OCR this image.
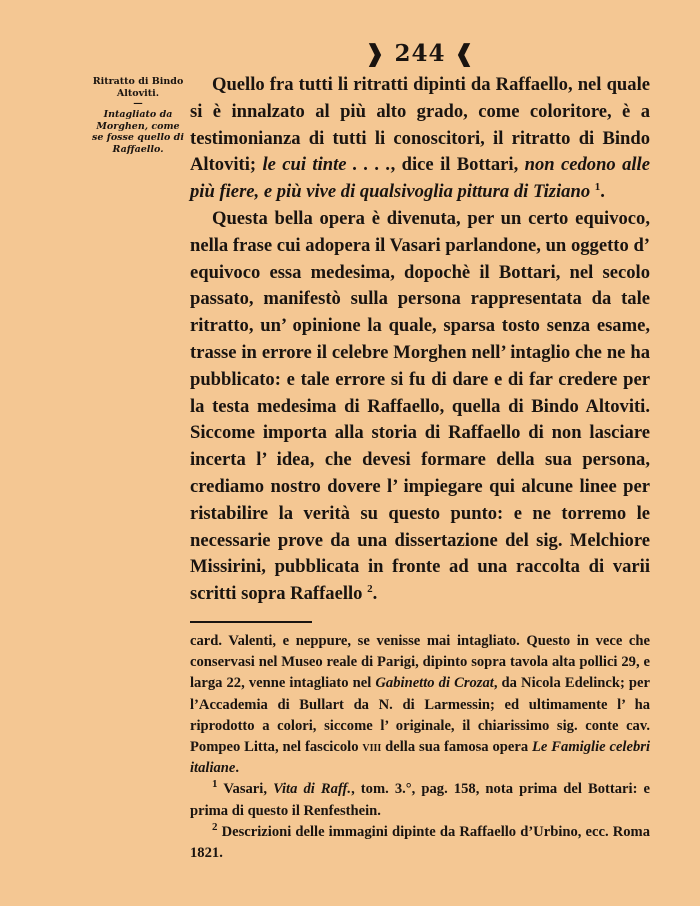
❱ 244 ❰
Ritratto di Bindo Altoviti.
—
Intagliato da Morghen, come se fosse quello di Raffaello.

Quello fra tutti li ritratti dipinti da Raffaello, nel quale si è innalzato al più alto grado, come coloritore, è a testimonianza di tutti li conoscitori, il ritratto di Bindo Altoviti; le cui tinte . . . ., dice il Bottari, non cedono alle più fiere, e più vive di qualsivoglia pittura di Tiziano $^1$.

Questa bella opera è divenuta, per un certo equivoco, nella frase cui adopera il Vasari parlandone, un oggetto d’ equivoco essa medesima, dopochè il Bottari, nel secolo passato, manifestò sulla persona rappresentata da tale ritratto, un’ opinione la quale, sparsa tosto senza esame, trasse in errore il celebre Morghen nell’ intaglio che ne ha pubblicato: e tale errore si fu di dare e di far credere per la testa medesima di Raffaello, quella di Bindo Altoviti. Siccome importa alla storia di Raffaello di non lasciare incerta l’ idea, che devesi formare della sua persona, crediamo nostro dovere l’ impiegare qui alcune linee per ristabilire la verità su questo punto: e ne torremo le necessarie prove da una dissertazione del sig. Melchiore Missirini, pubblicata in fronte ad una raccolta di varii scritti sopra Raffaello $^2$.

card. Valenti, e neppure, se venisse mai intagliato. Questo in vece che conservasi nel Museo reale di Parigi, dipinto sopra tavola alta pollici 29, e larga 22, venne intagliato nel Gabinetto di Crozat, da Nicola Edelinck; per l’Accademia di Bullart da N. di Larmessin; ed ultimamente l’ ha riprodotto a colori, siccome l’ originale, il chiarissimo sig. conte cav. Pompeo Litta, nel fascicolo viii della sua famosa opera Le Famiglie celebri italiane.

$^1$ Vasari, Vita di Raff., tom. 3.°, pag. 158, nota prima del Bottari: e prima di questo il Renfesthein.

$^2$ Descrizioni delle immagini dipinte da Raffaello d’Urbino, ecc. Roma 1821.
